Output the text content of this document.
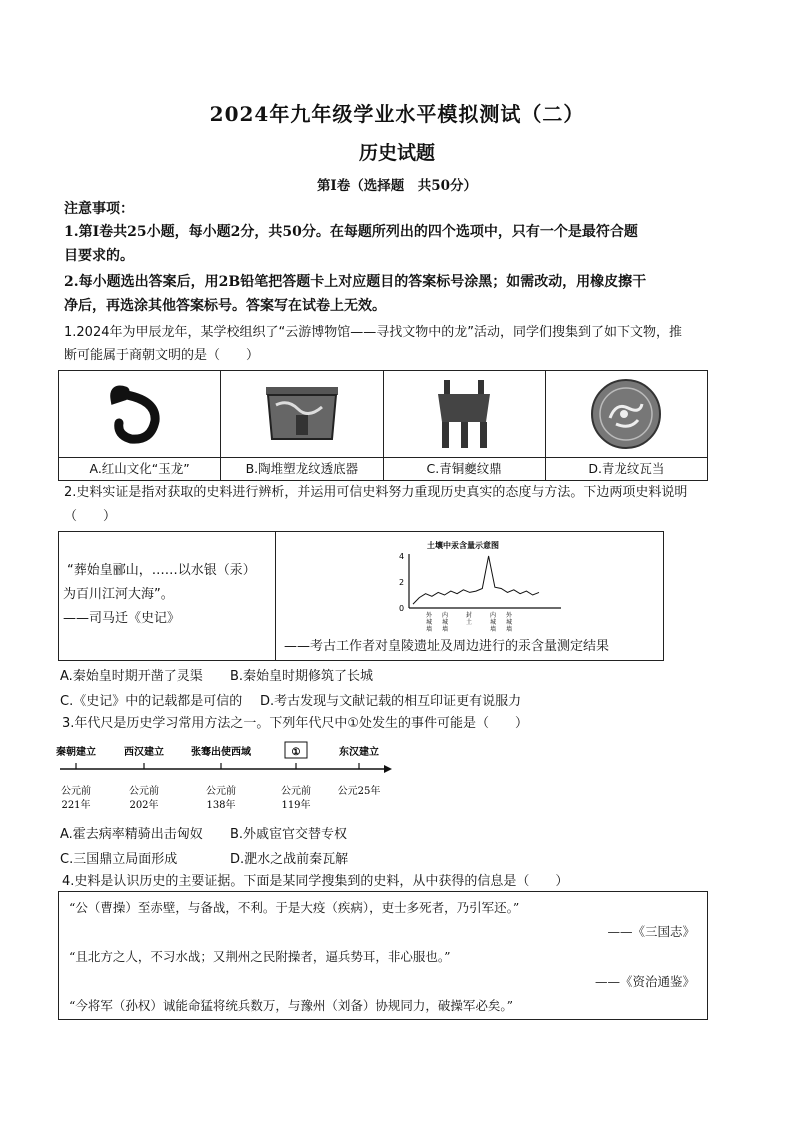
2024年九年级学业水平模拟测试（二）
历史试题
第Ⅰ卷（选择题　共50分）
注意事项：
1.第Ⅰ卷共25小题，每小题2分，共50分。在每题所列出的四个选项中，只有一个是最符合题
目要求的。
2.每小题选出答案后，用2B铅笔把答题卡上对应题目的答案标号涂黑；如需改动，用橡皮擦干
净后，再选涂其他答案标号。答案写在试卷上无效。
1.2024年为甲辰龙年，某学校组织了“云游博物馆——寻找文物中的龙”活动，同学们搜集到了如下文物，推
断可能属于商朝文明的是（　　）
A.红山文化“玉龙”	B.陶堆塑龙纹透底器	C.青铜夔纹鼎	D.青龙纹瓦当
2.史料实证是指对获取的史料进行辨析，并运用可信史料努力重现历史真实的态度与方法。下边两项史料说明
（　　）
“葬始皇郦山，……以水银（汞）
为百川江河大海”。
——司马迁《史记》
土壤中汞含量示意图
0
2
4
外
城
墙
内
城
墙
封
土
内
城
墙
外
城
墙
——考古工作者对皇陵遗址及周边进行的汞含量测定结果
A.秦始皇时期开凿了灵渠 B.秦始皇时期修筑了长城
C.《史记》中的记载都是可信的 D.考古发现与文献记载的相互印证更有说服力
3.年代尺是历史学习常用方法之一。下列年代尺中①处发生的事件可能是（　　）
秦朝建立
公元前
221年
西汉建立
公元前
202年
张骞出使西域
公元前
138年
①
公元前
119年
东汉建立
公元25年
A.霍去病率精骑出击匈奴 B.外戚宦官交替专权
C.三国鼎立局面形成	D.淝水之战前秦瓦解
4.史料是认识历史的主要证据。下面是某同学搜集到的史料，从中获得的信息是（　　）
“公（曹操）至赤壁，与备战，不利。于是大疫（疾病），吏士多死者，乃引军还。”
——《三国志》
“且北方之人，不习水战；又荆州之民附操者，逼兵势耳，非心服也。”
——《资治通鉴》
“今将军（孙权）诚能命猛将统兵数万，与豫州（刘备）协规同力，破操军必矣。”
